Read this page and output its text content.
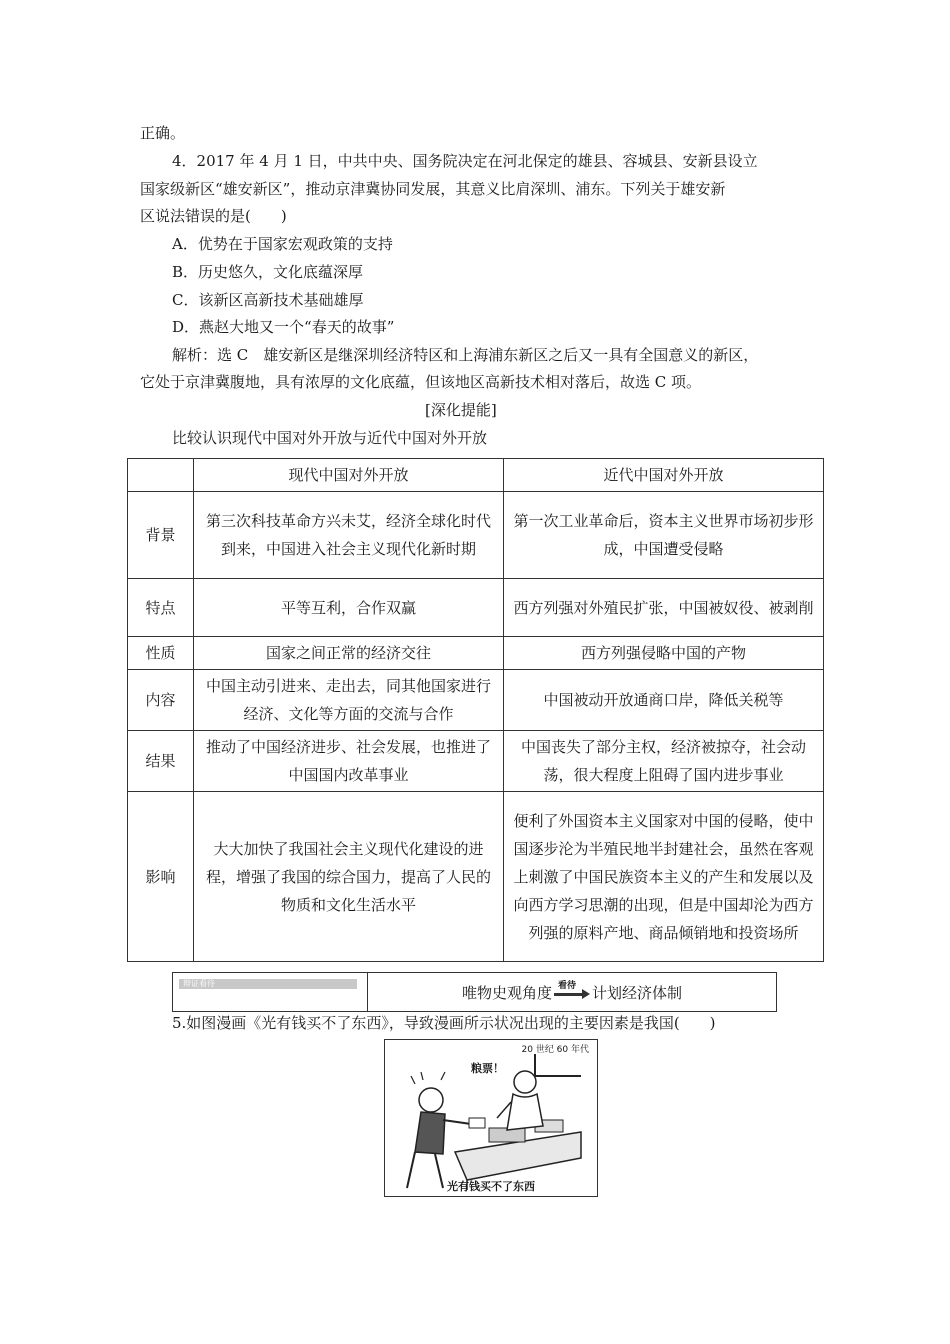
正确。
4．2017 年 4 月 1 日，中共中央、国务院决定在河北保定的雄县、容城县、安新县设立
国家级新区“雄安新区”，推动京津冀协同发展，其意义比肩深圳、浦东。下列关于雄安新
区说法错误的是(　　)
A．优势在于国家宏观政策的支持
B．历史悠久，文化底蕴深厚
C．该新区高新技术基础雄厚
D．燕赵大地又一个“春天的故事”
解析：选 C　雄安新区是继深圳经济特区和上海浦东新区之后又一具有全国意义的新区，
它处于京津冀腹地，具有浓厚的文化底蕴，但该地区高新技术相对落后，故选 C 项。
[深化提能]
比较认识现代中国对外开放与近代中国对外开放
	现代中国对外开放	近代中国对外开放
背景	第三次科技革命方兴未艾，经济全球化时代到来，中国进入社会主义现代化新时期	第一次工业革命后，资本主义世界市场初步形成，中国遭受侵略
特点	平等互利，合作双赢	西方列强对外殖民扩张，中国被奴役、被剥削
性质	国家之间正常的经济交往	西方列强侵略中国的产物
内容	中国主动引进来、走出去，同其他国家进行经济、文化等方面的交流与合作	中国被动开放通商口岸，降低关税等
结果	推动了中国经济进步、社会发展，也推进了中国国内改革事业	中国丧失了部分主权，经济被掠夺，社会动荡，很大程度上阻碍了国内进步事业
影响	大大加快了我国社会主义现代化建设的进程，增强了我国的综合国力，提高了人民的物质和文化生活水平	便利了外国资本主义国家对中国的侵略，使中国逐步沦为半殖民地半封建社会，虽然在客观上刺激了中国民族资本主义的产生和发展以及向西方学习思潮的出现，但是中国却沦为西方列强的原料产地、商品倾销地和投资场所
辩证看待	唯物史观角度 看待 计划经济体制
5.如图漫画《光有钱买不了东西》，导致漫画所示状况出现的主要因素是我国(　　)
20 世纪 60 年代
粮票！
光有钱买不了东西
